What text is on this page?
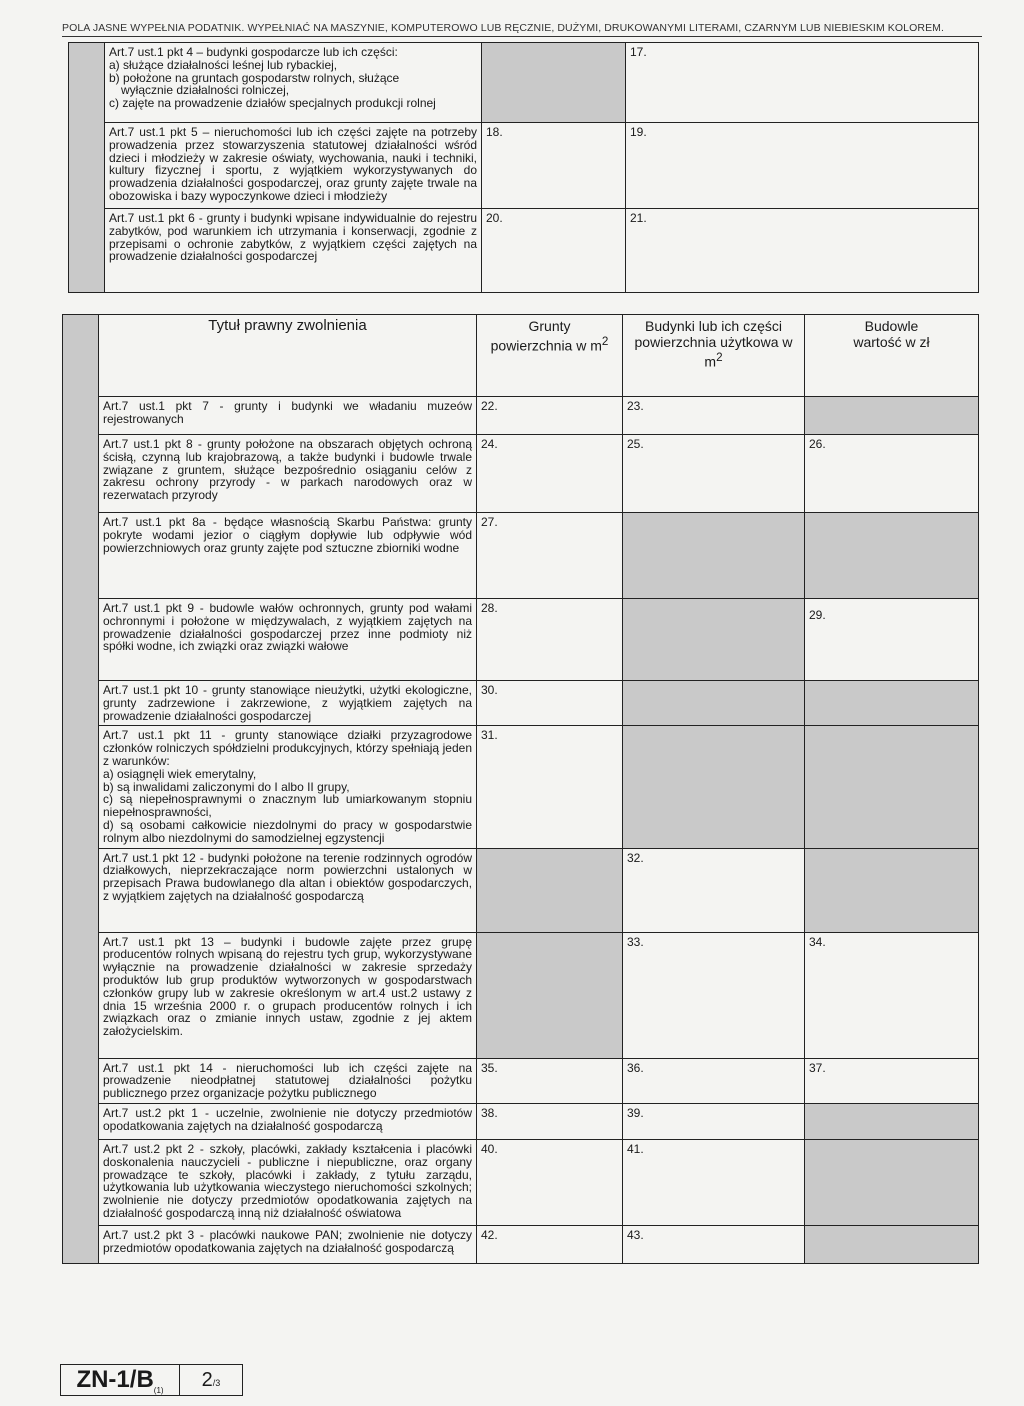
POLA JASNE WYPEŁNIA PODATNIK. WYPEŁNIAĆ NA MASZYNIE, KOMPUTEROWO LUB RĘCZNIE, DUŻYMI, DRUKOWANYMI LITERAMI, CZARNYM LUB NIEBIESKIM KOLOREM.

	Art.7 ust.1 pkt 4 – budynki gospodarcze lub ich części:
a) służące działalności leśnej lub rybackiej,
b) położone na gruntach gospodarstw rolnych, służące
wyłącznie działalności rolniczej,
c) zajęte na prowadzenie działów specjalnych produkcji rolnej		17.
	Art.7 ust.1 pkt 5 – nieruchomości lub ich części zajęte na potrzeby prowadzenia przez stowarzyszenia statutowej działalności wśród dzieci i młodzieży w zakresie oświaty, wychowania, nauki i techniki, kultury fizycznej i sportu, z wyjątkiem wykorzystywanych do prowadzenia działalności gospodarczej, oraz grunty zajęte trwale na obozowiska i bazy wypoczynkowe dzieci i młodzieży	18.	19.
	Art.7 ust.1 pkt 6 - grunty i budynki wpisane indywidualnie do rejestru zabytków, pod warunkiem ich utrzymania i konserwacji, zgodnie z przepisami o ochronie zabytków, z wyjątkiem części zajętych na prowadzenie działalności gospodarczej	20.	21.
	Tytuł prawny zwolnienia	Grunty
powierzchnia w $m^2$	Budynki lub ich części
powierzchnia użytkowa w
$m^2$	Budowle
wartość w zł
	Art.7 ust.1 pkt 7 - grunty i budynki we władaniu muzeów rejestrowanych	22.	23.	
	Art.7 ust.1 pkt 8 - grunty położone na obszarach objętych ochroną ścisłą, czynną lub krajobrazową, a także budynki i budowle trwale związane z gruntem, służące bezpośrednio osiąganiu celów z zakresu ochrony przyrody - w parkach narodowych oraz w rezerwatach przyrody	24.	25.	26.
	Art.7 ust.1 pkt 8a - będące własnością Skarbu Państwa: grunty pokryte wodami jezior o ciągłym dopływie lub odpływie wód powierzchniowych oraz grunty zajęte pod sztuczne zbiorniki wodne	27.		
	Art.7 ust.1 pkt 9 - budowle wałów ochronnych, grunty pod wałami ochronnymi i położone w międzywalach, z wyjątkiem zajętych na prowadzenie działalności gospodarczej przez inne podmioty niż spółki wodne, ich związki oraz związki wałowe	28.		29.
	Art.7 ust.1 pkt 10 - grunty stanowiące nieużytki, użytki ekologiczne, grunty zadrzewione i zakrzewione, z wyjątkiem zajętych na prowadzenie działalności gospodarczej	30.		

	Art.7 ust.1 pkt 11 - grunty stanowiące działki przyzagrodowe członków rolniczych spółdzielni produkcyjnych, którzy spełniają jeden z warunków:
a) osiągnęli wiek emerytalny,
b) są inwalidami zaliczonymi do I albo II grupy,
c) są niepełnosprawnymi o znacznym lub umiarkowanym stopniu niepełnosprawności,
d) są osobami całkowicie niezdolnymi do pracy w gospodarstwie rolnym albo niezdolnymi do samodzielnej egzystencji	31.		
	Art.7 ust.1 pkt 12 - budynki położone na terenie rodzinnych ogrodów działkowych, nieprzekraczające norm powierzchni ustalonych w przepisach Prawa budowlanego dla altan i obiektów gospodarczych, z wyjątkiem zajętych na działalność gospodarczą		32.	
	Art.7 ust.1 pkt 13 – budynki i budowle zajęte przez grupę producentów rolnych wpisaną do rejestru tych grup, wykorzystywane wyłącznie na prowadzenie działalności w zakresie sprzedaży produktów lub grup produktów wytworzonych w gospodarstwach członków grupy lub w zakresie określonym w art.4 ust.2 ustawy z dnia 15 września 2000 r. o grupach producentów rolnych i ich związkach oraz o zmianie innych ustaw, zgodnie z jej aktem założycielskim.		33.	34.
	Art.7 ust.1 pkt 14 - nieruchomości lub ich części zajęte na prowadzenie nieodpłatnej statutowej działalności pożytku publicznego przez organizacje pożytku publicznego	35.	36.	37.
	Art.7 ust.2 pkt 1 - uczelnie, zwolnienie nie dotyczy przedmiotów opodatkowania zajętych na działalność gospodarczą	38.	39.	
	Art.7 ust.2 pkt 2 - szkoły, placówki, zakłady kształcenia i placówki doskonalenia nauczycieli - publiczne i niepubliczne, oraz organy prowadzące te szkoły, placówki i zakłady, z tytułu zarządu, użytkowania lub użytkowania wieczystego nieruchomości szkolnych; zwolnienie nie dotyczy przedmiotów opodatkowania zajętych na działalność gospodarczą inną niż działalność oświatowa	40.	41.	
	Art.7 ust.2 pkt 3 - placówki naukowe PAN; zwolnienie nie dotyczy przedmiotów opodatkowania zajętych na działalność gospodarczą	42.	43.	
$ZN-1/B_{(1)}$	2/3
